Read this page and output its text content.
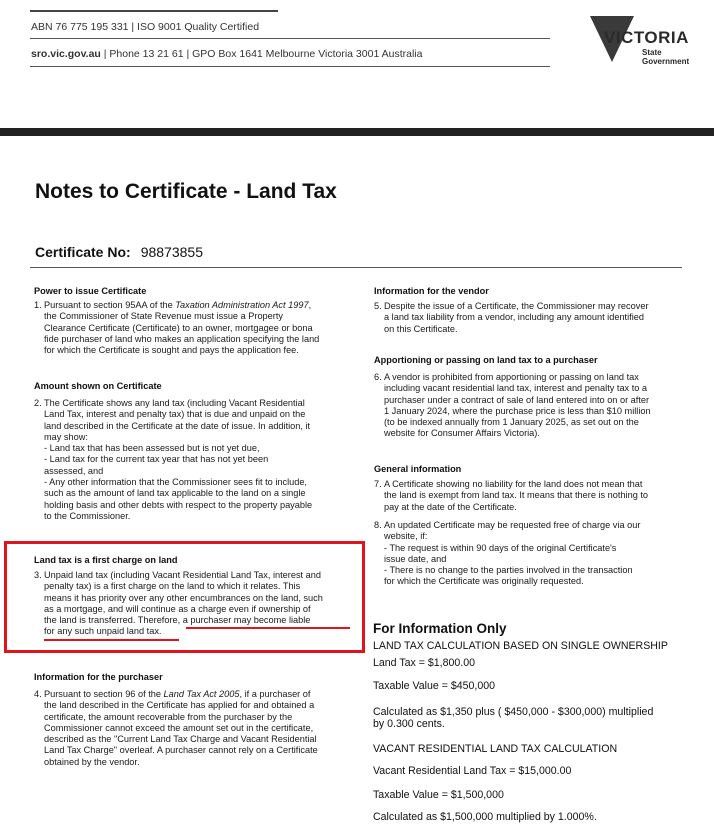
ABN 76 775 195 331 | ISO 9001 Quality Certified
sro.vic.gov.au | Phone 13 21 61 | GPO Box 1641 Melbourne Victoria 3001 Australia
VICTORIA
State
Government
Notes to Certificate - Land Tax
Certificate No: 98873855
Power to issue Certificate
1. Pursuant to section 95AA of the Taxation Administration Act 1997,
the Commissioner of State Revenue must issue a Property
Clearance Certificate (Certificate) to an owner, mortgagee or bona
fide purchaser of land who makes an application specifying the land
for which the Certificate is sought and pays the application fee.
Amount shown on Certificate
2. The Certificate shows any land tax (including Vacant Residential
Land Tax, interest and penalty tax) that is due and unpaid on the
land described in the Certificate at the date of issue. In addition, it
may show:
- Land tax that has been assessed but is not yet due,
- Land tax for the current tax year that has not yet been
assessed, and
- Any other information that the Commissioner sees fit to include,
such as the amount of land tax applicable to the land on a single
holding basis and other debts with respect to the property payable
to the Commissioner.
Land tax is a first charge on land
3. Unpaid land tax (including Vacant Residential Land Tax, interest and
penalty tax) is a first charge on the land to which it relates. This
means it has priority over any other encumbrances on the land, such
as a mortgage, and will continue as a charge even if ownership of
the land is transferred. Therefore, a purchaser may become liable
for any such unpaid land tax.
Information for the purchaser
4. Pursuant to section 96 of the Land Tax Act 2005, if a purchaser of
the land described in the Certificate has applied for and obtained a
certificate, the amount recoverable from the purchaser by the
Commissioner cannot exceed the amount set out in the certificate,
described as the "Current Land Tax Charge and Vacant Residential
Land Tax Charge" overleaf. A purchaser cannot rely on a Certificate
obtained by the vendor.
Information for the vendor
5. Despite the issue of a Certificate, the Commissioner may recover
a land tax liability from a vendor, including any amount identified
on this Certificate.
Apportioning or passing on land tax to a purchaser
6. A vendor is prohibited from apportioning or passing on land tax
including vacant residential land tax, interest and penalty tax to a
purchaser under a contract of sale of land entered into on or after
1 January 2024, where the purchase price is less than $10 million
(to be indexed annually from 1 January 2025, as set out on the
website for Consumer Affairs Victoria).
General information
7. A Certificate showing no liability for the land does not mean that
the land is exempt from land tax. It means that there is nothing to
pay at the date of the Certificate.
8. An updated Certificate may be requested free of charge via our
website, if:
- The request is within 90 days of the original Certificate's
issue date, and
- There is no change to the parties involved in the transaction
for which the Certificate was originally requested.
For Information Only
LAND TAX CALCULATION BASED ON SINGLE OWNERSHIP
Land Tax = $1,800.00
Taxable Value = $450,000
Calculated as $1,350 plus ( $450,000 - $300,000) multiplied
by 0.300 cents.
VACANT RESIDENTIAL LAND TAX CALCULATION
Vacant Residential Land Tax = $15,000.00
Taxable Value = $1,500,000
Calculated as $1,500,000 multiplied by 1.000%.
